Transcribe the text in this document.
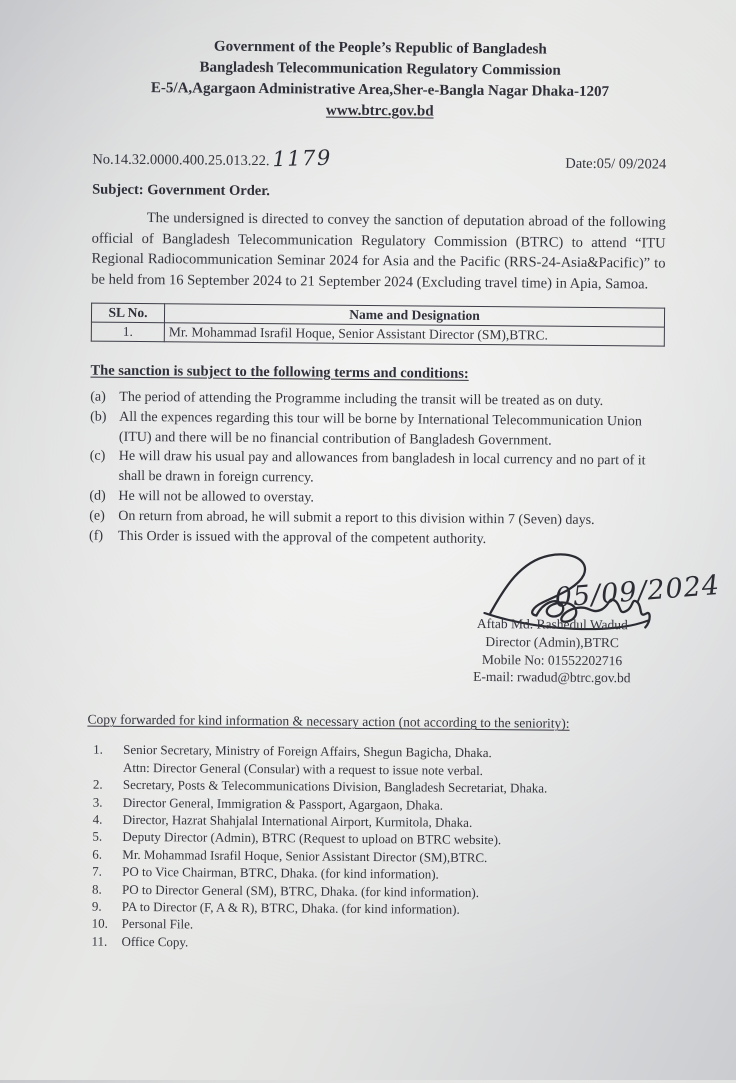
Government of the People’s Republic of Bangladesh
Bangladesh Telecommunication Regulatory Commission
E-5/A,Agargaon Administrative Area,Sher-e-Bangla Nagar Dhaka-1207
www.btrc.gov.bd
No.14.32.0000.400.25.013.22. 1179	Date:05/ 09/2024
Subject: Government Order.
The undersigned is directed to convey the sanction of deputation abroad of the following official of Bangladesh Telecommunication Regulatory Commission (BTRC) to attend “ITU Regional Radiocommunication Seminar 2024 for Asia and the Pacific (RRS-24-Asia&Pacific)” to be held from 16 September 2024 to 21 September 2024 (Excluding travel time) in Apia, Samoa.
SL No.	Name and Designation
1.	Mr. Mohammad Israfil Hoque, Senior Assistant Director (SM),BTRC.
The sanction is subject to the following terms and conditions:
(a) The period of attending the Programme including the transit will be treated as on duty.
(b) All the expences regarding this tour will be borne by International Telecommunication Union (ITU) and there will be no financial contribution of Bangladesh Government.
(c) He will draw his usual pay and allowances from bangladesh in local currency and no part of it shall be drawn in foreign currency.
(d) He will not be allowed to overstay.
(e) On return from abroad, he will submit a report to this division within 7 (Seven) days.
(f)	This Order is issued with the approval of the competent authority.
05/09/2024
Aftab Md. Rashedul Wadud
Director (Admin),BTRC
Mobile No: 01552202716
E-mail: rwadud@btrc.gov.bd
Copy forwarded for kind information & necessary action (not according to the seniority):
1.	Senior Secretary, Ministry of Foreign Affairs, Shegun Bagicha, Dhaka.
Attn: Director General (Consular) with a request to issue note verbal.
2.	Secretary, Posts & Telecommunications Division, Bangladesh Secretariat, Dhaka.
3.	Director General, Immigration & Passport, Agargaon, Dhaka.
4.	Director, Hazrat Shahjalal International Airport, Kurmitola, Dhaka.
5.	Deputy Director (Admin), BTRC (Request to upload on BTRC website).
6.	Mr. Mohammad Israfil Hoque, Senior Assistant Director (SM),BTRC.
7.	PO to Vice Chairman, BTRC, Dhaka. (for kind information).
8.	PO to Director General (SM), BTRC, Dhaka. (for kind information).
9.	PA to Director (F, A & R), BTRC, Dhaka. (for kind information).
10.	Personal File.
11.	Office Copy.
